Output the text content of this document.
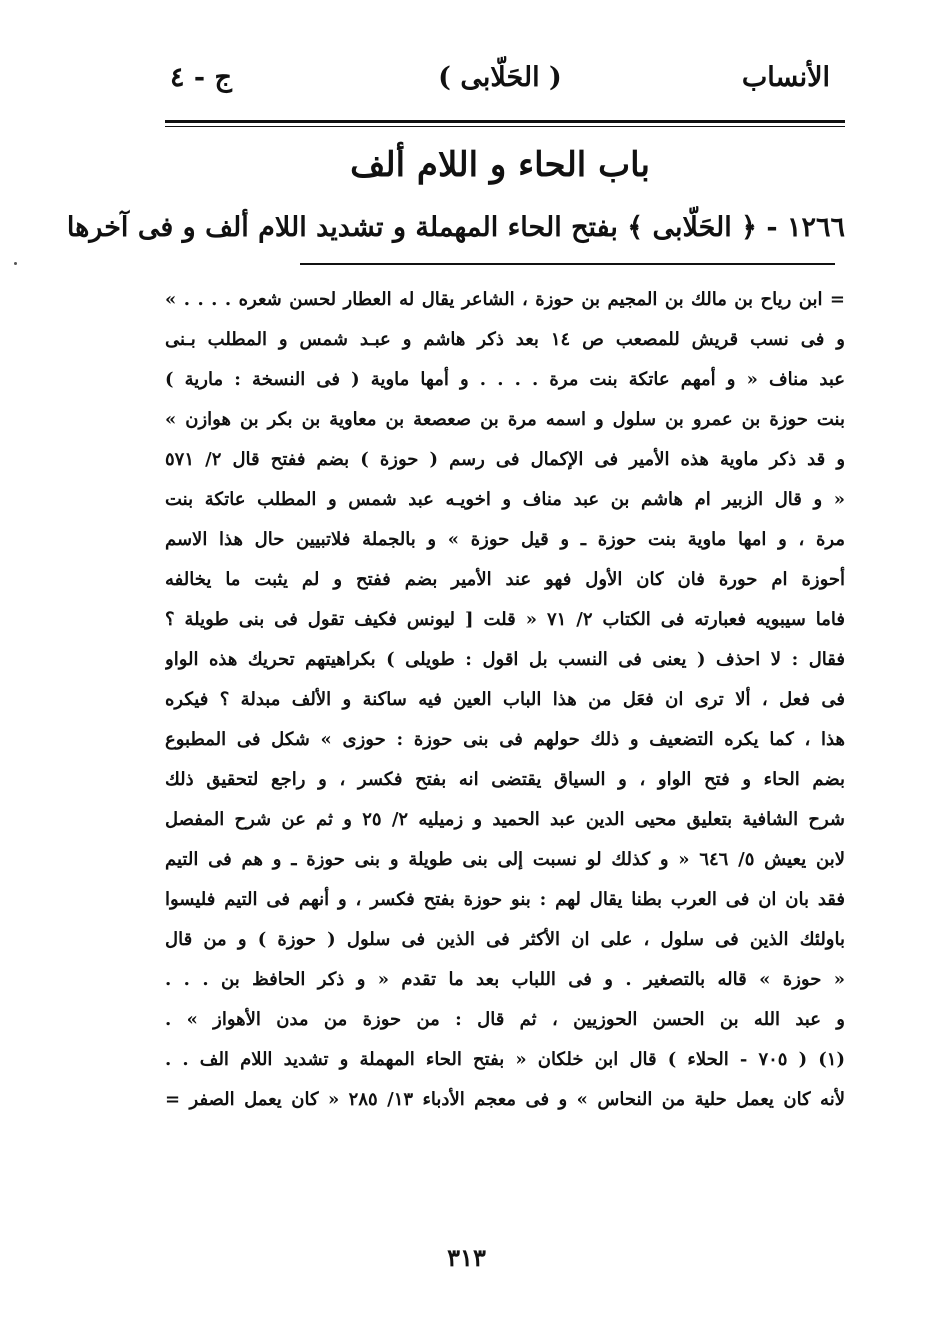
الأنساب
( الحَلّابى )
ج - ٤
باب الحاء و اللام ألف
١٢٦٦ - ﴿ الحَلّابى ﴾ بفتح الحاء المهملة و تشديد اللام ألف و فى آخرها
= ابن رياح بن مالك بن المجيم بن حوزة ، الشاعر يقال له العطار لحسن شعره . . . . »
و فى نسب قريش للمصعب ص ١٤ بعد ذكر هاشم و عبـد شمس و المطلب بـنى
عبد مناف « و أمهم عاتكة بنت مرة . . . . و أمها ماوية ( فى النسخة : مارية )
بنت حوزة بن عمرو بن سلول و اسمه مرة بن صعصعة بن معاوية بن بكر بن هوازن »
و قد ذكر ماوية هذه الأمير فى الإكمال فى رسم ( حوزة ) بضم ففتح قال ٢/ ٥٧١
« و قال الزبير ام هاشم بن عبد مناف و اخويـه عبد شمس و المطلب عاتكة بنت
مرة ، و امها ماوية بنت حوزة ـ و قيل حوزة » و بالجملة فلاتبيين حال هذا الاسم
أحوزة ام حورة فان كان الأول فهو عند الأمير بضم ففتح و لم يثبت ما يخالفه
فاما سيبويه فعبارته فى الكتاب ٢/ ٧١ « قلت [ ليونس فكيف تقول فى بنى طويلة ؟
فقال : لا احذف ( يعنى فى النسب بل اقول : طويلى ) بكراهيتهم تحريك هذه الواو
فى فعل ، ألا ترى ان فعَل من هذا الباب العين فيه ساكنة و الألف مبدلة ؟ فيكره
هذا ، كما يكره التضعيف و ذلك حولهم فى بنى حوزة : حوزى » شكل فى المطبوع
بضم الحاء و فتح الواو ، و السياق يقتضى انه بفتح فكسر ، و راجع لتحقيق ذلك
شرح الشافية بتعليق محيى الدين عبد الحميد و زميليه ٢/ ٢٥ و ثم عن شرح المفصل
لابن يعيش ٥/ ٦٤٦ « و كذلك لو نسبت إلى بنى طويلة و بنى حوزة ـ و هم فى التيم
فقد بان ان فى العرب بطنا يقال لهم : بنو حوزة بفتح فكسر ، و أنهم فى التيم فليسوا
باولئك الذين فى سلول ، على ان الأكثر فى الذين فى سلول ( حوزة ) و من قال
« حوزة » قاله بالتصغير . و فى اللباب بعد ما تقدم « و ذكر الحافظ بن . . .
و عبد الله بن الحسن الحوزيين ، ثم قال : من حوزة من مدن الأهواز » .
(١) ( ٧٠٥ - الحلاء ) قال ابن خلكان « بفتح الحاء المهملة و تشديد اللام الف . .
لأنه كان يعمل حلية من النحاس » و فى معجم الأدباء ١٣/ ٢٨٥ « كان يعمل الصفر =
٣١٣
